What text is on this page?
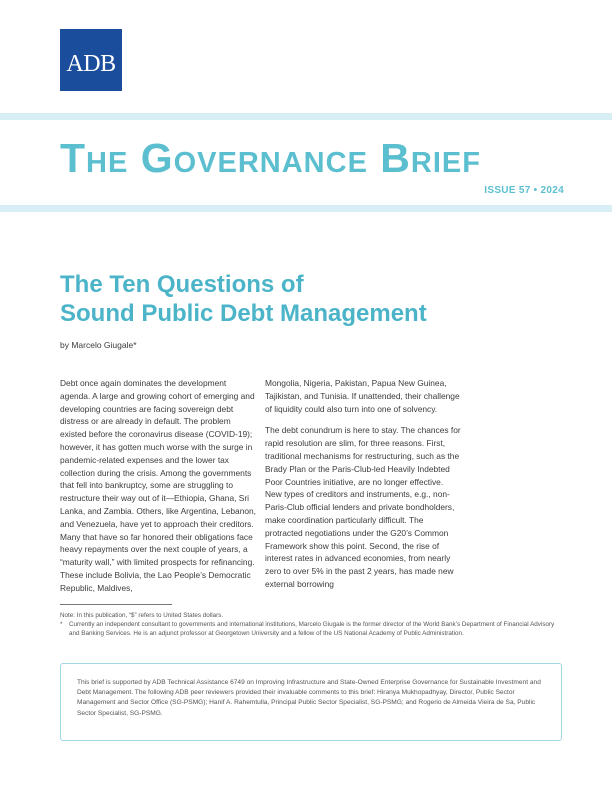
ADB
The Governance Brief
ISSUE 57 • 2024
The Ten Questions of
Sound Public Debt Management
by Marcelo Giugale*

Debt once again dominates the development agenda. A large and growing cohort of emerging and developing countries are facing sovereign debt distress or are already in default. The problem existed before the coronavirus disease (COVID-19); however, it has gotten much worse with the surge in pandemic-related expenses and the lower tax collection during the crisis. Among the governments that fell into bankruptcy, some are struggling to restructure their way out of it—Ethiopia, Ghana, Sri Lanka, and Zambia. Others, like Argentina, Lebanon, and Venezuela, have yet to approach their creditors. Many that have so far honored their obligations face heavy repayments over the next couple of years, a “maturity wall,” with limited prospects for refinancing. These include Bolivia, the Lao People’s Democratic Republic, Maldives,

Mongolia, Nigeria, Pakistan, Papua New Guinea, Tajikistan, and Tunisia. If unattended, their challenge of liquidity could also turn into one of solvency.

The debt conundrum is here to stay. The chances for rapid resolution are slim, for three reasons. First, traditional mechanisms for restructuring, such as the Brady Plan or the Paris-Club-led Heavily Indebted Poor Countries initiative, are no longer effective. New types of creditors and instruments, e.g., non-Paris-Club official lenders and private bondholders, make coordination particularly difficult. The protracted negotiations under the G20’s Common Framework show this point. Second, the rise of interest rates in advanced economies, from nearly zero to over 5% in the past 2 years, has made new external borrowing

Note: In this publication, “$” refers to United States dollars.

*	Currently an independent consultant to governments and international institutions, Marcelo Giugale is the former director of the World Bank’s Department of Financial Advisory and Banking Services. He is an adjunct professor at Georgetown University and a fellow of the US National Academy of Public Administration.
This brief is supported by ADB Technical Assistance 6749 on Improving Infrastructure and State-Owned Enterprise Governance for Sustainable Investment and Debt Management. The following ADB peer reviewers provided their invaluable comments to this brief: Hiranya Mukhopadhyay, Director, Public Sector Management and Sector Office (SG-PSMG); Hanif A. Rahemtulla, Principal Public Sector Specialist, SG-PSMG; and Rogerio de Almeida Vieira de Sa, Public Sector Specialist, SG-PSMG.
